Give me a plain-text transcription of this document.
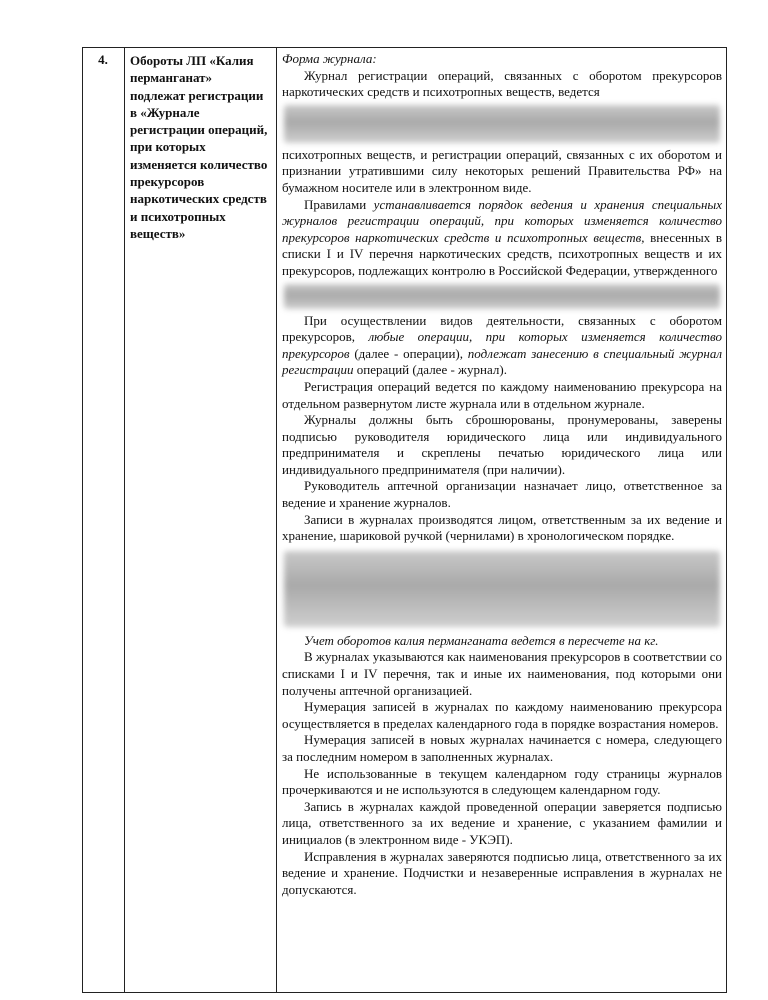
4.	Обороты ЛП «Калия перманганат» подлежат регистрации в «Журнале регистрации операций, при которых изменяется количество прекурсоров наркотических средств и психотропных веществ»

Форма журнала:

Журнал регистрации операций, связанных с оборотом прекурсоров наркотических средств и психотропных веществ, ведется

психотропных веществ, и регистрации операций, связанных с их оборотом и признании утратившими силу некоторых решений Правительства РФ» на бумажном носителе или в электронном виде.

Правилами устанавливается порядок ведения и хранения специальных журналов регистрации операций, при которых изменяется количество прекурсоров наркотических средств и психотропных веществ, внесенных в списки I и IV перечня наркотических средств, психотропных веществ и их прекурсоров, подлежащих контролю в Российской Федерации, утвержденного

При осуществлении видов деятельности, связанных с оборотом прекурсоров, любые операции, при которых изменяется количество прекурсоров (далее - операции), подлежат занесению в специальный журнал регистрации операций (далее - журнал).

Регистрация операций ведется по каждому наименованию прекурсора на отдельном развернутом листе журнала или в отдельном журнале.

Журналы должны быть сброшюрованы, пронумерованы, заверены подписью руководителя юридического лица или индивидуального предпринимателя и скреплены печатью юридического лица или индивидуального предпринимателя (при наличии).

Руководитель аптечной организации назначает лицо, ответственное за ведение и хранение журналов.

Записи в журналах производятся лицом, ответственным за их ведение и хранение, шариковой ручкой (чернилами) в хронологическом порядке.

Учет оборотов калия перманганата ведется в пересчете на кг.

В журналах указываются как наименования прекурсоров в соответствии со списками I и IV перечня, так и иные их наименования, под которыми они получены аптечной организацией.

Нумерация записей в журналах по каждому наименованию прекурсора осуществляется в пределах календарного года в порядке возрастания номеров.

Нумерация записей в новых журналах начинается с номера, следующего за последним номером в заполненных журналах.

Не использованные в текущем календарном году страницы журналов прочеркиваются и не используются в следующем календарном году.

Запись в журналах каждой проведенной операции заверяется подписью лица, ответственного за их ведение и хранение, с указанием фамилии и инициалов (в электронном виде - УКЭП).

Исправления в журналах заверяются подписью лица, ответственного за их ведение и хранение. Подчистки и незаверенные исправления в журналах не допускаются.
